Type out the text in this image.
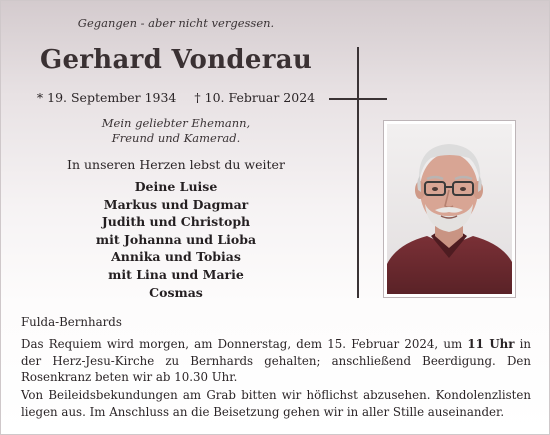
Gegangen - aber nicht vergessen.
Gerhard Vonderau
* 19. September 1934 † 10. Februar 2024
Mein geliebter Ehemann,
Freund und Kamerad.
In unseren Herzen lebst du weiter
Deine Luise
Markus und Dagmar
Judith und Christoph
mit Johanna und Lioba
Annika und Tobias
mit Lina und Marie
Cosmas
Fulda-Bernhards
Das Requiem wird morgen, am Donnerstag, dem 15. Februar 2024, um 11 Uhr in der Herz-Jesu-Kirche zu Bernhards gehalten; anschließend Beerdigung. Den Rosenkranz beten wir ab 10.30 Uhr.
Von Beileidsbekundungen am Grab bitten wir höflichst abzusehen. Kondolenzlisten liegen aus. Im Anschluss an die Beisetzung gehen wir in aller Stille auseinander.
